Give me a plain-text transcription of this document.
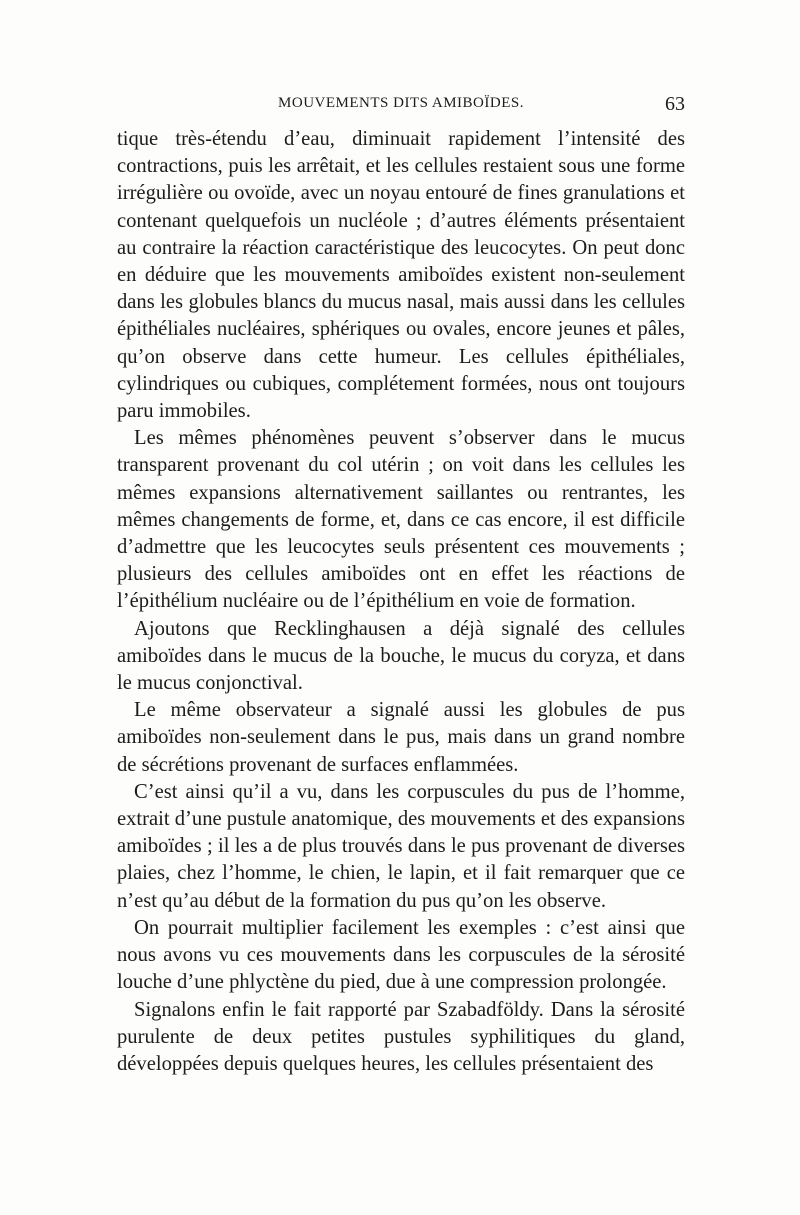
MOUVEMENTS DITS AMIBOÏDES.	63

tique très-étendu d’eau, diminuait rapidement l’intensité des contractions, puis les arrêtait, et les cellules restaient sous une forme irrégulière ou ovoïde, avec un noyau entouré de fines granulations et contenant quelquefois un nucléole ; d’autres éléments présentaient au contraire la réaction caractéristique des leucocytes. On peut donc en déduire que les mouvements amiboïdes existent non-seulement dans les globules blancs du mucus nasal, mais aussi dans les cellules épithéliales nucléaires, sphériques ou ovales, encore jeunes et pâles, qu’on observe dans cette humeur. Les cellules épithéliales, cylindriques ou cubiques, complétement formées, nous ont toujours paru immobiles.

Les mêmes phénomènes peuvent s’observer dans le mucus transparent provenant du col utérin ; on voit dans les cellules les mêmes expansions alternativement saillantes ou rentrantes, les mêmes changements de forme, et, dans ce cas encore, il est difficile d’admettre que les leucocytes seuls présentent ces mouvements ; plusieurs des cellules amiboïdes ont en effet les réactions de l’épithélium nucléaire ou de l’épithélium en voie de formation.

Ajoutons que Recklinghausen a déjà signalé des cellules amiboïdes dans le mucus de la bouche, le mucus du coryza, et dans le mucus conjonctival.

Le même observateur a signalé aussi les globules de pus amiboïdes non-seulement dans le pus, mais dans un grand nombre de sécrétions provenant de surfaces enflammées.

C’est ainsi qu’il a vu, dans les corpuscules du pus de l’homme, extrait d’une pustule anatomique, des mouvements et des expansions amiboïdes ; il les a de plus trouvés dans le pus provenant de diverses plaies, chez l’homme, le chien, le lapin, et il fait remarquer que ce n’est qu’au début de la formation du pus qu’on les observe.

On pourrait multiplier facilement les exemples : c’est ainsi que nous avons vu ces mouvements dans les corpuscules de la sérosité louche d’une phlyctène du pied, due à une compression prolongée.

Signalons enfin le fait rapporté par Szabadföldy. Dans la sérosité purulente de deux petites pustules syphilitiques du gland, développées depuis quelques heures, les cellules présentaient des
